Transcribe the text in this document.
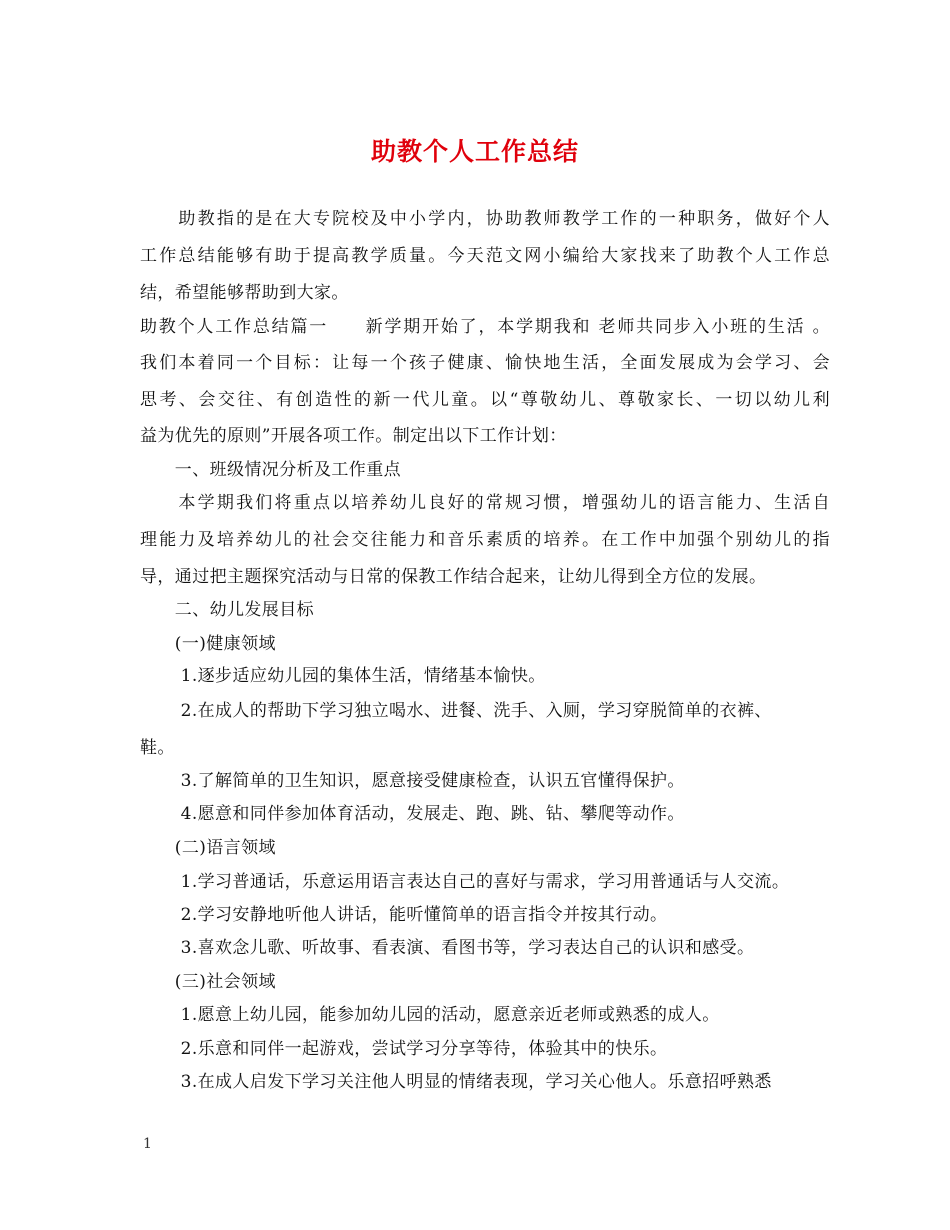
助教个人工作总结
　　助教指的是在大专院校及中小学内，协助教师教学工作的一种职务，做好个人
工作总结能够有助于提高教学质量。今天范文网小编给大家找来了助教个人工作总
结，希望能够帮助到大家。
助教个人工作总结篇一　　新学期开始了，本学期我和 老师共同步入小班的生活 。
我们本着同一个目标：让每一个孩子健康、愉快地生活，全面发展成为会学习、会
思考、会交往、有创造性的新一代儿童。以“尊敬幼儿、尊敬家长、一切以幼儿利
益为优先的原则”开展各项工作。制定出以下工作计划：
　　一、班级情况分析及工作重点
　　本学期我们将重点以培养幼儿良好的常规习惯，增强幼儿的语言能力、生活自
理能力及培养幼儿的社会交往能力和音乐素质的培养。在工作中加强个别幼儿的指
导，通过把主题探究活动与日常的保教工作结合起来，让幼儿得到全方位的发展。
　　二、幼儿发展目标
　　(一)健康领域
　　 1.逐步适应幼儿园的集体生活，情绪基本愉快。
　　 2.在成人的帮助下学习独立喝水、进餐、洗手、入厕，学习穿脱简单的衣裤、
鞋。
　　 3.了解简单的卫生知识，愿意接受健康检查，认识五官懂得保护。
　　 4.愿意和同伴参加体育活动，发展走、跑、跳、钻、攀爬等动作。
　　(二)语言领域
　　 1.学习普通话，乐意运用语言表达自己的喜好与需求，学习用普通话与人交流。
　　 2.学习安静地听他人讲话，能听懂简单的语言指令并按其行动。
　　 3.喜欢念儿歌、听故事、看表演、看图书等，学习表达自己的认识和感受。
　　(三)社会领域
　　 1.愿意上幼儿园，能参加幼儿园的活动，愿意亲近老师或熟悉的成人。
　　 2.乐意和同伴一起游戏，尝试学习分享等待，体验其中的快乐。
　　 3.在成人启发下学习关注他人明显的情绪表现，学习关心他人。乐意招呼熟悉
1
